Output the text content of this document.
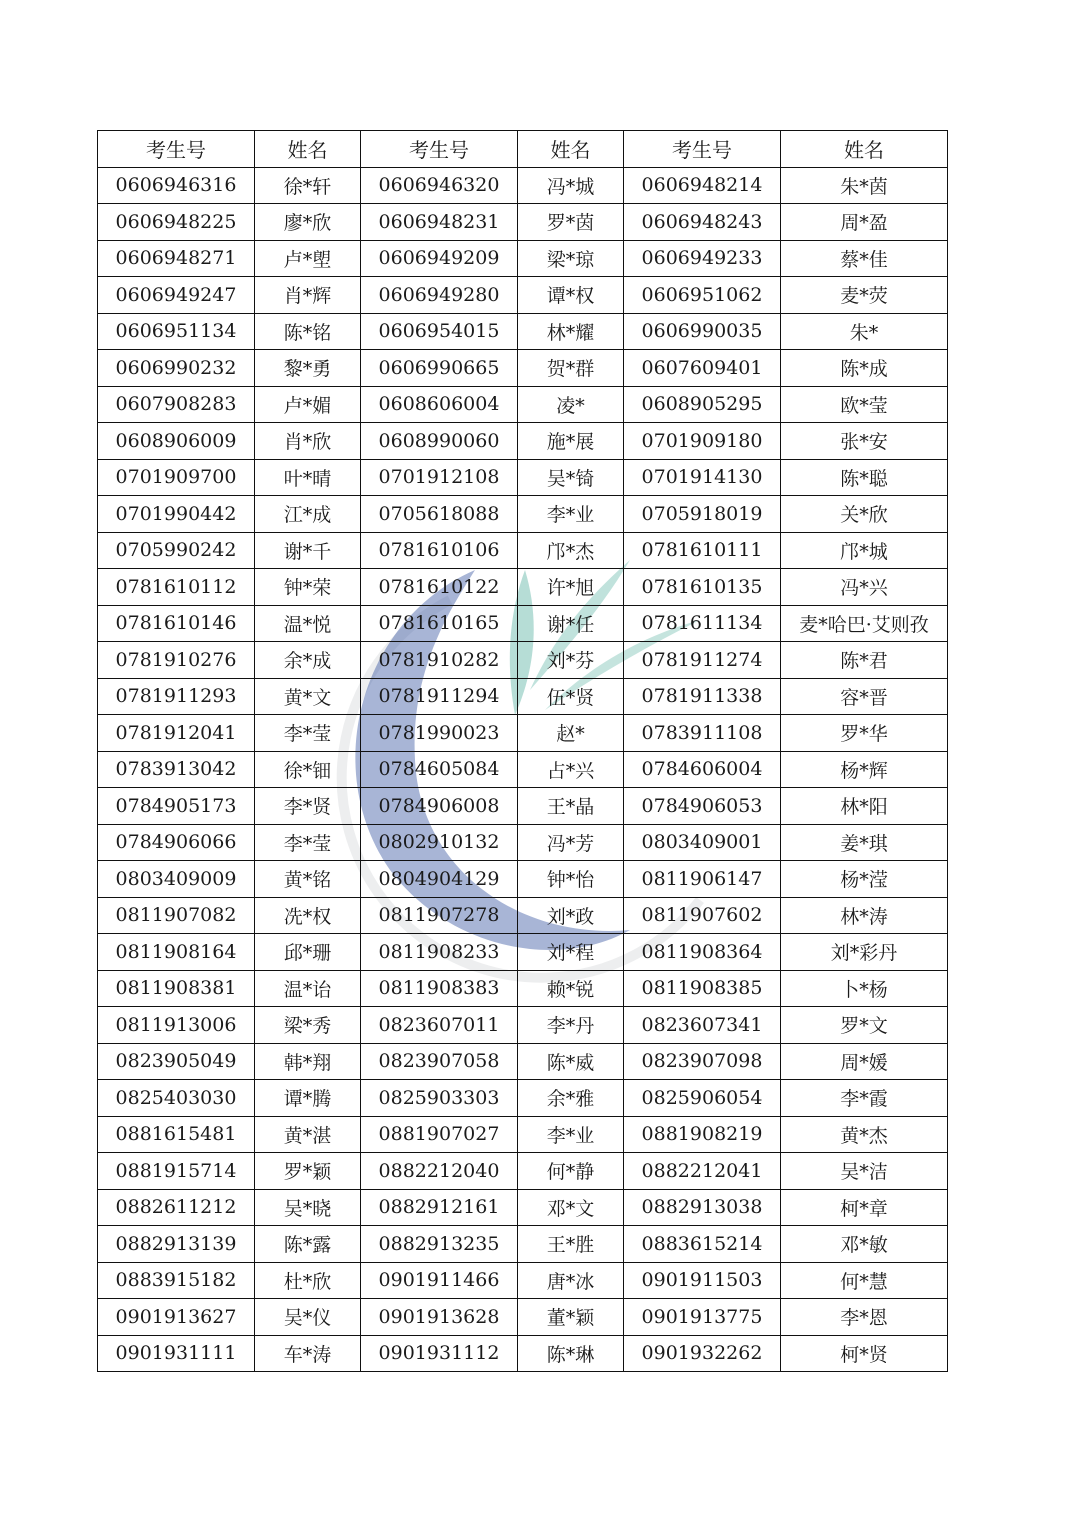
考生号	姓名	考生号	姓名	考生号	姓名
0606946316	徐*轩	0606946320	冯*城	0606948214	朱*茵
0606948225	廖*欣	0606948231	罗*茵	0606948243	周*盈
0606948271	卢*塱	0606949209	梁*琼	0606949233	蔡*佳
0606949247	肖*辉	0606949280	谭*权	0606951062	麦*荧
0606951134	陈*铭	0606954015	林*耀	0606990035	朱*
0606990232	黎*勇	0606990665	贺*群	0607609401	陈*成
0607908283	卢*媚	0608606004	凌*	0608905295	欧*莹
0608906009	肖*欣	0608990060	施*展	0701909180	张*安
0701909700	叶*晴	0701912108	吴*锜	0701914130	陈*聪
0701990442	江*成	0705618088	李*业	0705918019	关*欣
0705990242	谢*千	0781610106	邝*杰	0781610111	邝*城
0781610112	钟*荣	0781610122	许*旭	0781610135	冯*兴
0781610146	温*悦	0781610165	谢*任	0781611134	麦*哈巴·艾则孜
0781910276	余*成	0781910282	刘*芬	0781911274	陈*君
0781911293	黄*文	0781911294	伍*贤	0781911338	容*晋
0781912041	李*莹	0781990023	赵*	0783911108	罗*华
0783913042	徐*钿	0784605084	占*兴	0784606004	杨*辉
0784905173	李*贤	0784906008	王*晶	0784906053	林*阳
0784906066	李*莹	0802910132	冯*芳	0803409001	姜*琪
0803409009	黄*铭	0804904129	钟*怡	0811906147	杨*滢
0811907082	冼*权	0811907278	刘*政	0811907602	林*涛
0811908164	邱*珊	0811908233	刘*程	0811908364	刘*彩丹
0811908381	温*诒	0811908383	赖*锐	0811908385	卜*杨
0811913006	梁*秀	0823607011	李*丹	0823607341	罗*文
0823905049	韩*翔	0823907058	陈*威	0823907098	周*媛
0825403030	谭*腾	0825903303	余*雅	0825906054	李*霞
0881615481	黄*湛	0881907027	李*业	0881908219	黄*杰
0881915714	罗*颖	0882212040	何*静	0882212041	吴*洁
0882611212	吴*晓	0882912161	邓*文	0882913038	柯*章
0882913139	陈*露	0882913235	王*胜	0883615214	邓*敏
0883915182	杜*欣	0901911466	唐*冰	0901911503	何*慧
0901913627	吴*仪	0901913628	董*颖	0901913775	李*恩
0901931111	车*涛	0901931112	陈*琳	0901932262	柯*贤
